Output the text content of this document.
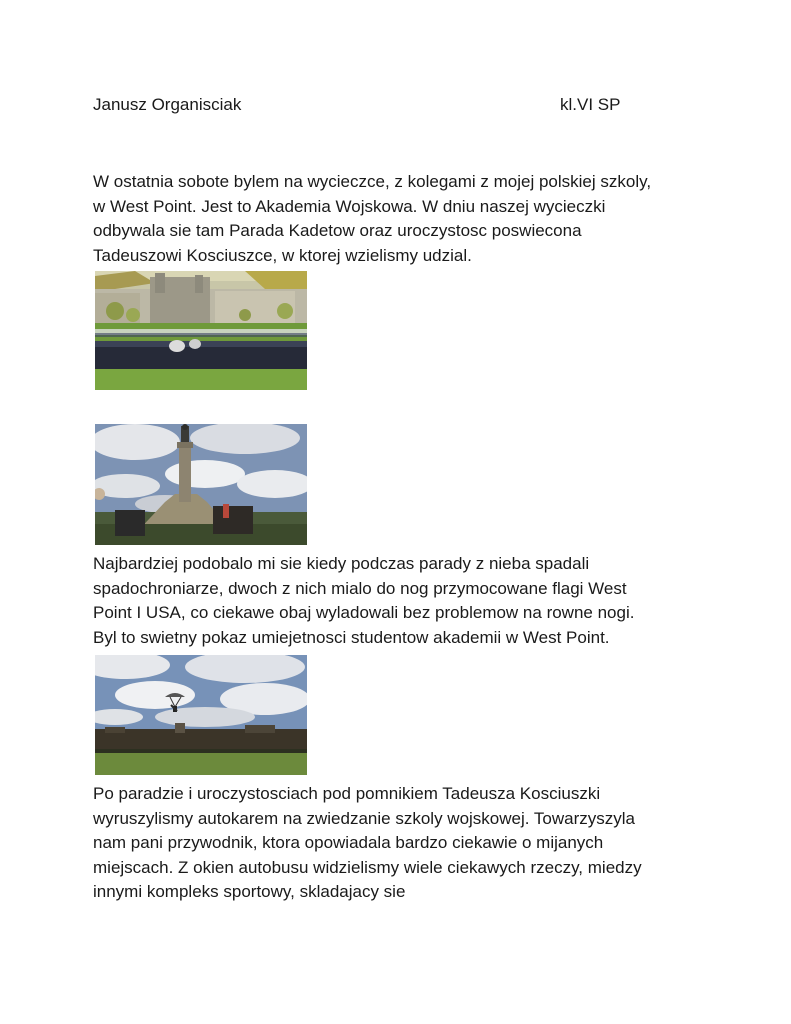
Janusz Organisciak	kl.VI SP

W ostatnia sobote bylem na wycieczce, z kolegami z mojej polskiej szkoly,
w West Point. Jest to Akademia Wojskowa. W dniu naszej wycieczki
odbywala sie tam Parada Kadetow oraz uroczystosc poswiecona
Tadeuszowi Kosciuszce, w ktorej wzielismy udzial.

Najbardziej podobalo mi sie kiedy podczas parady z nieba spadali
spadochroniarze, dwoch z nich mialo do nog przymocowane flagi West
Point I USA, co ciekawe obaj wyladowali bez problemow na rowne nogi.
Byl to swietny pokaz umiejetnosci studentow akademii w West Point.

Po paradzie i uroczystosciach pod pomnikiem Tadeusza Kosciuszki
wyruszylismy autokarem na zwiedzanie szkoly wojskowej. Towarzyszyla
nam pani przywodnik, ktora opowiadala bardzo ciekawie o mijanych
miejscach. Z okien autobusu widzielismy wiele ciekawych rzeczy, miedzy
innymi kompleks sportowy, skladajacy sie
